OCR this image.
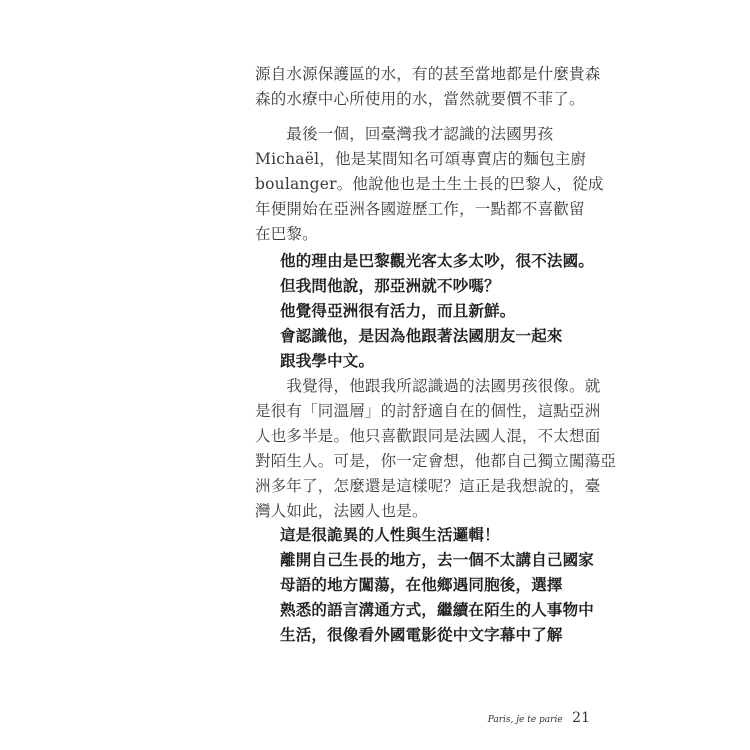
源自水源保護區的水，有的甚至當地都是什麼貴森
森的水療中心所使用的水，當然就要價不菲了。
　　最後一個，回臺灣我才認識的法國男孩
Michaël，他是某間知名可頌專賣店的麵包主廚
boulanger。他說他也是土生土長的巴黎人，從成
年便開始在亞洲各國遊歷工作，一點都不喜歡留
在巴黎。
他的理由是巴黎觀光客太多太吵，很不法國。
但我問他說，那亞洲就不吵嗎？
他覺得亞洲很有活力，而且新鮮。
會認識他，是因為他跟著法國朋友一起來
跟我學中文。
　　我覺得，他跟我所認識過的法國男孩很像。就
是很有「同溫層」的討舒適自在的個性，這點亞洲
人也多半是。他只喜歡跟同是法國人混，不太想面
對陌生人。可是，你一定會想，他都自己獨立闖蕩亞
洲多年了，怎麼還是這樣呢？這正是我想說的，臺
灣人如此，法國人也是。
這是很詭異的人性與生活邏輯！
離開自己生長的地方，去一個不太講自己國家
母語的地方闖蕩，在他鄉遇同胞後，選擇
熟悉的語言溝通方式，繼續在陌生的人事物中
生活，很像看外國電影從中文字幕中了解
Paris, je te parie 21
